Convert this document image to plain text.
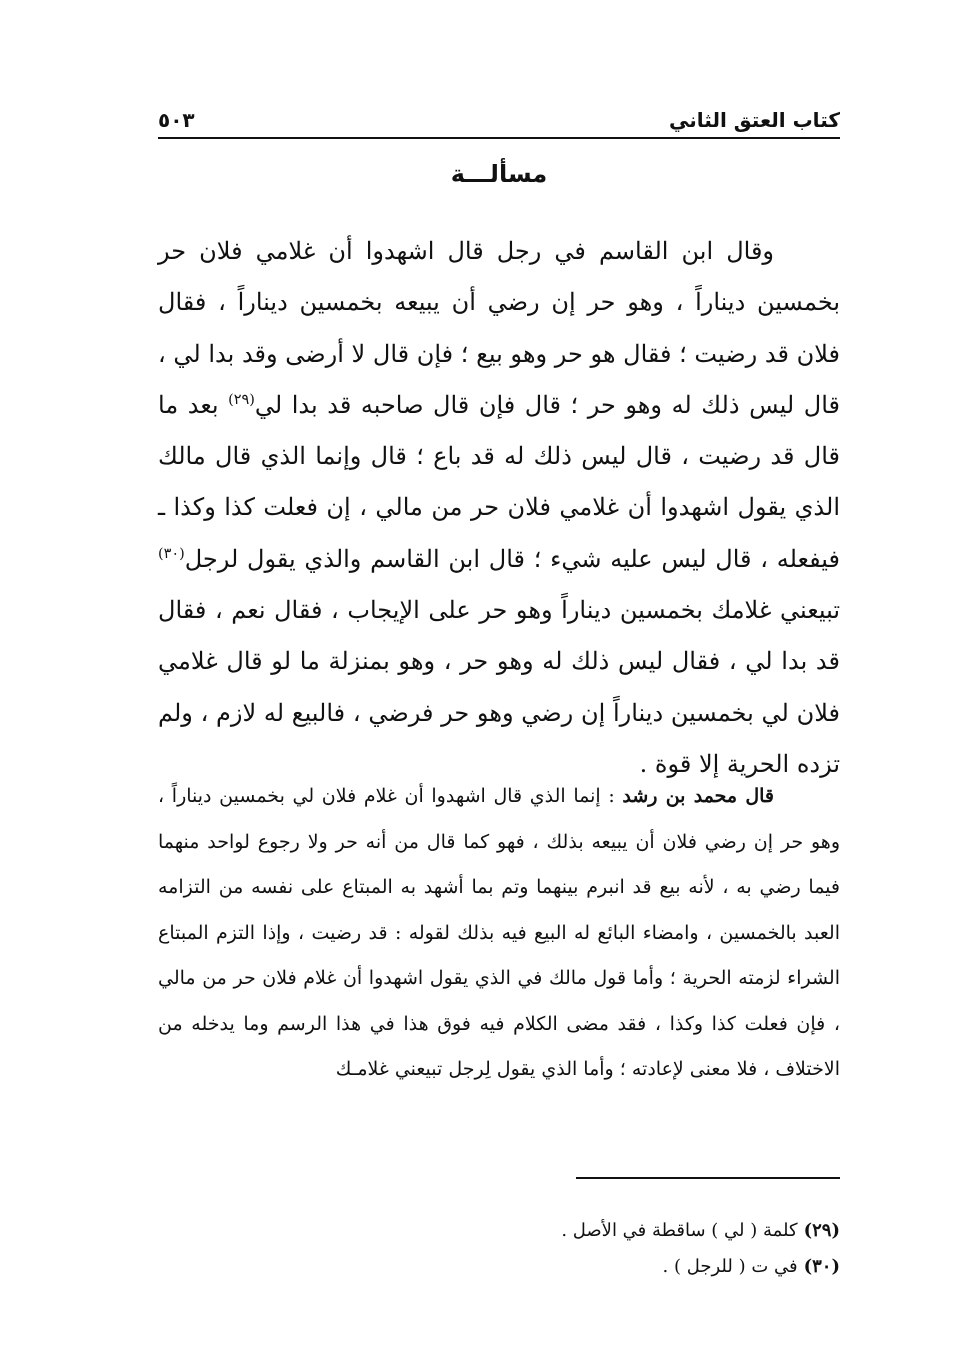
كتاب العتق الثاني
٥٠٣
مسألـــة
وقال ابن القاسم في رجل قال اشهدوا أن غلامي فلان حر بخمسين ديناراً ، وهو حر إن رضي أن يبيعه بخمسين ديناراً ، فقال فلان قد رضيت ؛ فقال هو حر وهو بيع ؛ فإن قال لا أرضى وقد بدا لي ، قال ليس ذلك له وهو حر ؛ قال فإن قال صاحبه قد بدا لي$^{(٢٩)}$ بعد ما قال قد رضيت ، قال ليس ذلك له قد باع ؛ قال وإنما الذي قال مالك الذي يقول اشهدوا أن غلامي فلان حر من مالي ، إن فعلت كذا وكذا ـ فيفعله ، قال ليس عليه شيء ؛ قال ابن القاسم والذي يقول لرجل$^{(٣٠)}$ تبيعني غلامك بخمسين ديناراً وهو حر على الإيجاب ، فقال نعم ، فقال قد بدا لي ، فقال ليس ذلك له وهو حر ، وهو بمنزلة ما لو قال غلامي فلان لي بخمسين ديناراً إن رضي وهو حر فرضي ، فالبيع له لازم ، ولم تزده الحرية إلا قوة .
قال محمد بن رشد : إنما الذي قال اشهدوا أن غلام فلان لي بخمسين ديناراً ، وهو حر إن رضي فلان أن يبيعه بذلك ، فهو كما قال من أنه حر ولا رجوع لواحد منهما فيما رضي به ، لأنه بيع قد انبرم بينهما وتم بما أشهد به المبتاع على نفسه من التزامه العبد بالخمسين ، وامضاء البائع له البيع فيه بذلك لقوله : قد رضيت ، وإذا التزم المبتاع الشراء لزمته الحرية ؛ وأما قول مالك في الذي يقول اشهدوا أن غلام فلان حر من مالي ، فإن فعلت كذا وكذا ، فقد مضى الكلام فيه فوق هذا في هذا الرسم وما يدخله من الاختلاف ، فلا معنى لإعادته ؛ وأما الذي يقول لِرجل تبيعني غلامـك
(٢٩)كلمة ( لي ) ساقطة في الأصل .
(٣٠)في ت ( للرجل ) .
